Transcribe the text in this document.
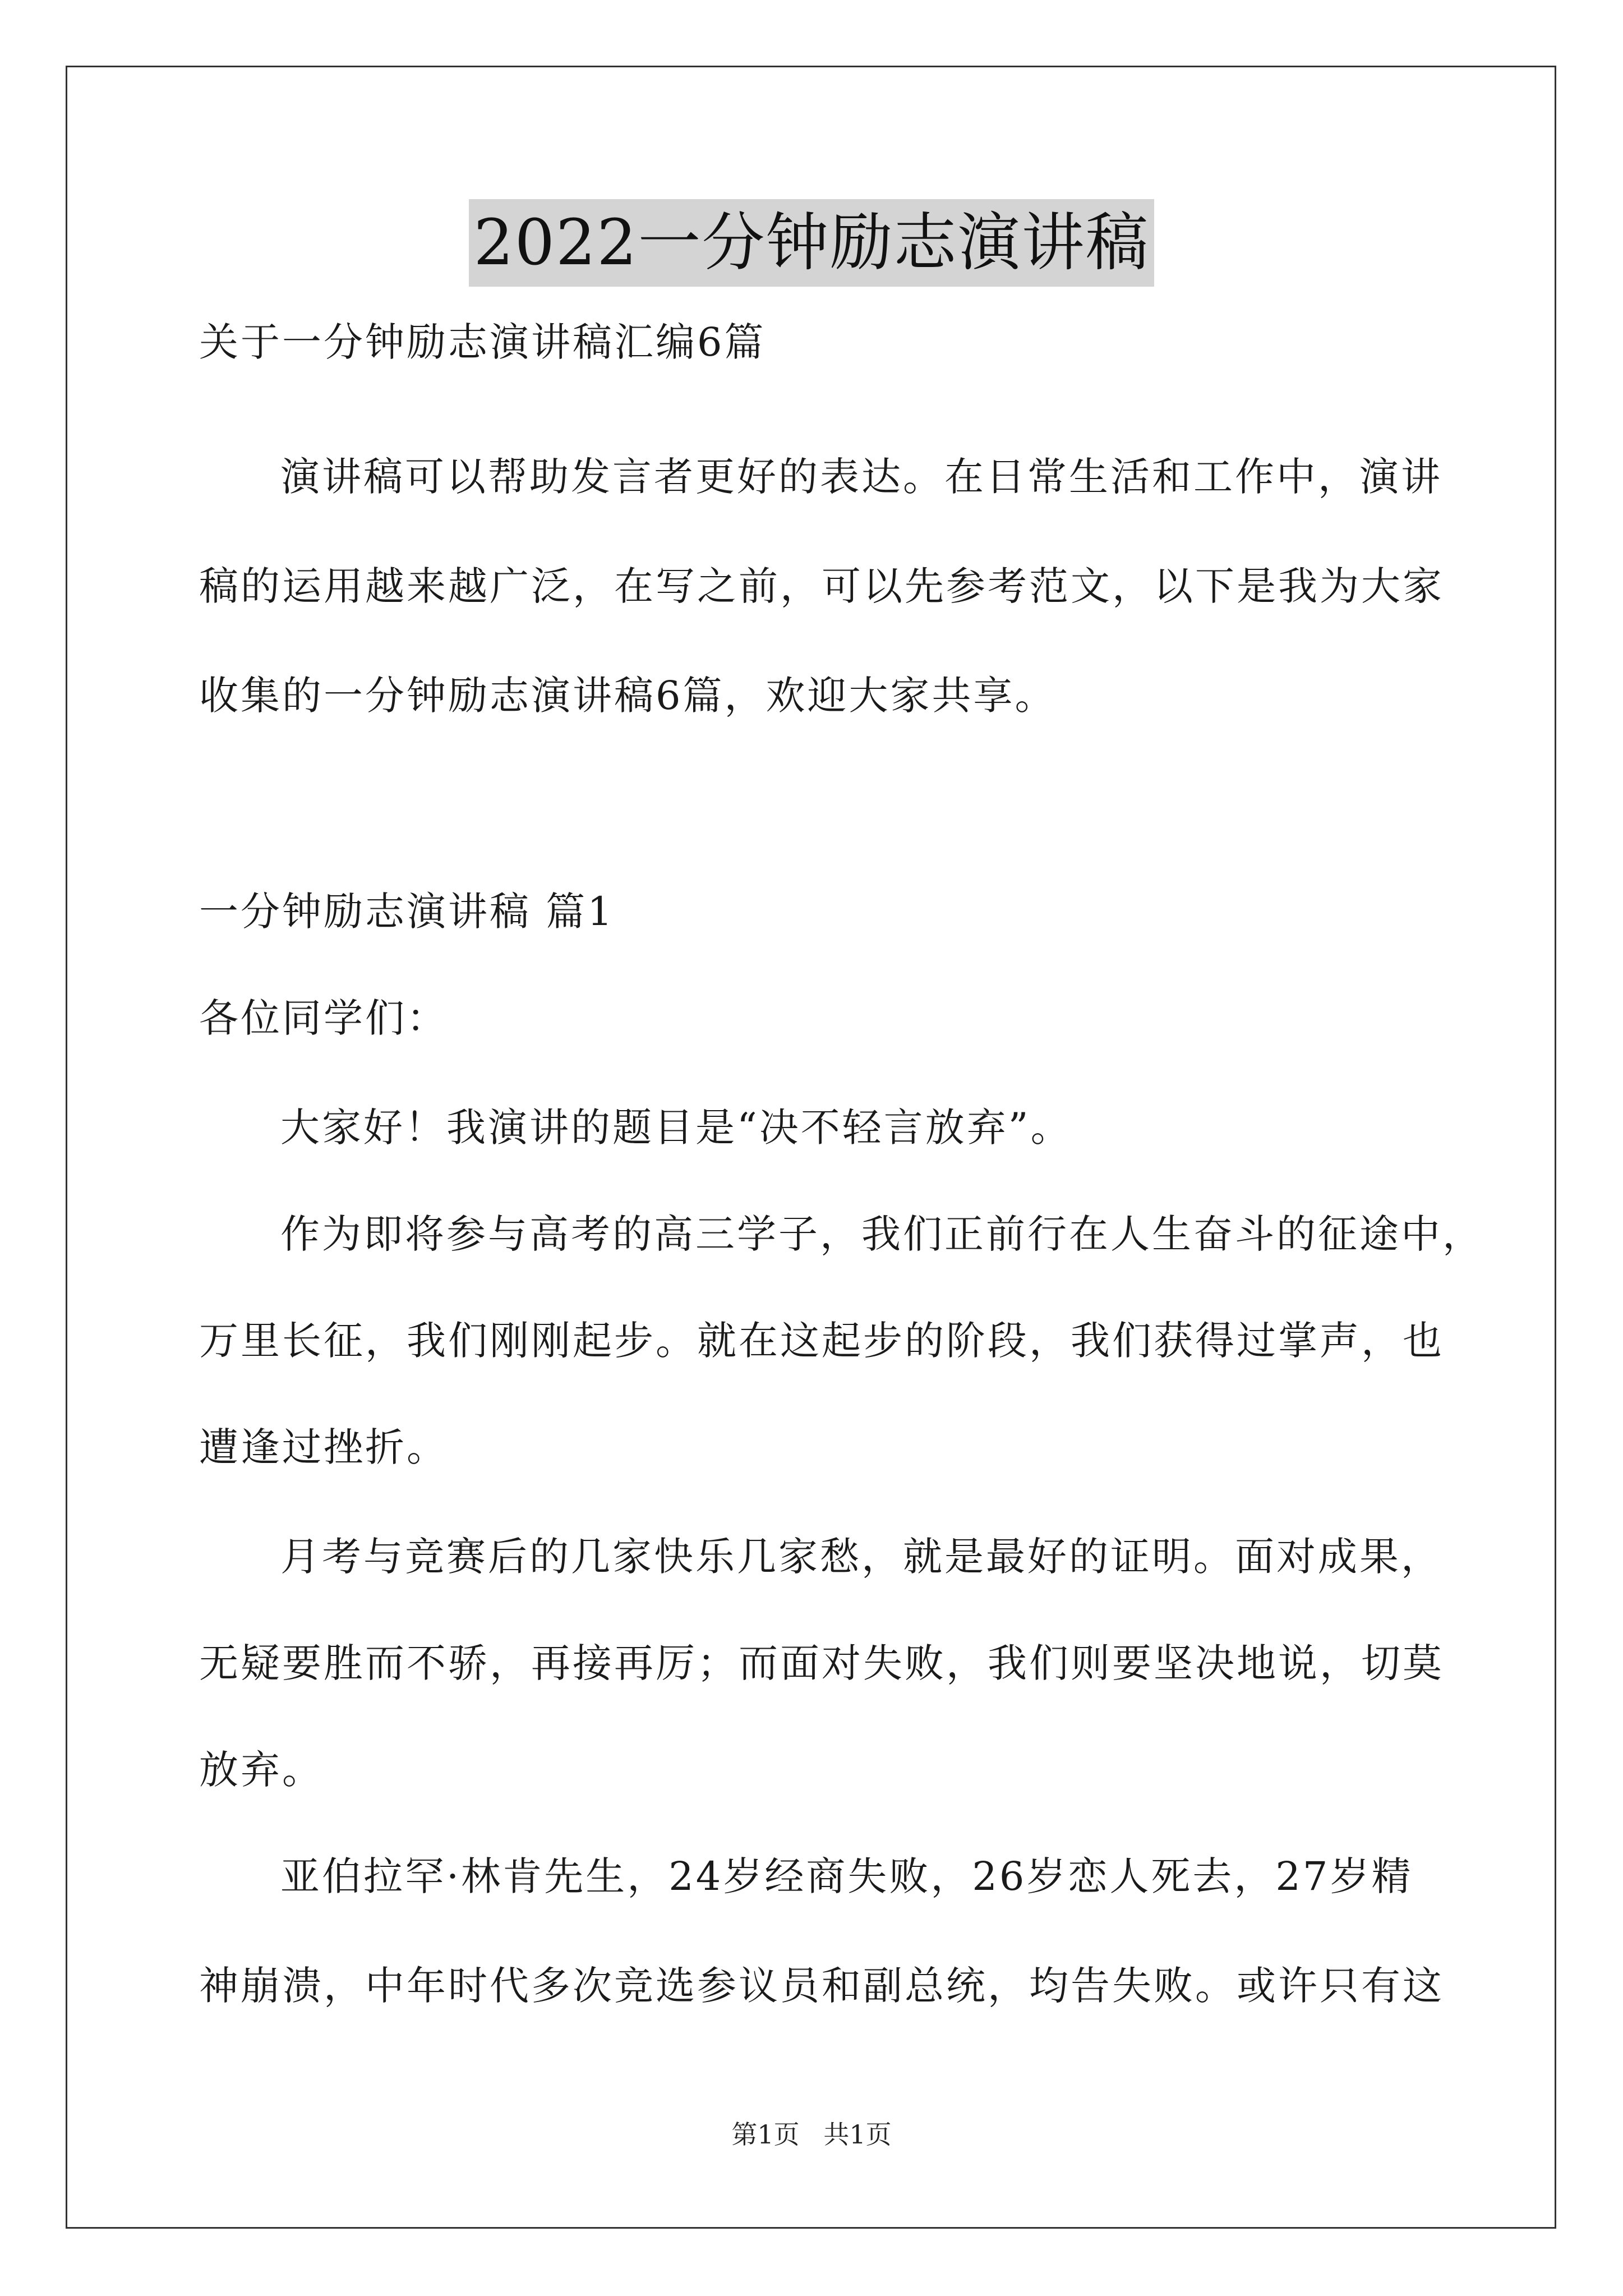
2022一分钟励志演讲稿
关于一分钟励志演讲稿汇编6篇
演讲稿可以帮助发言者更好的表达。在日常生活和工作中，演讲
稿的运用越来越广泛，在写之前，可以先参考范文，以下是我为大家
收集的一分钟励志演讲稿6篇，欢迎大家共享。
一分钟励志演讲稿 篇1
各位同学们：
大家好！我演讲的题目是“决不轻言放弃”。
作为即将参与高考的高三学子，我们正前行在人生奋斗的征途中，
万里长征，我们刚刚起步。就在这起步的阶段，我们获得过掌声，也
遭逢过挫折。
月考与竞赛后的几家快乐几家愁，就是最好的证明。面对成果，
无疑要胜而不骄，再接再厉；而面对失败，我们则要坚决地说，切莫
放弃。
亚伯拉罕·林肯先生，24岁经商失败，26岁恋人死去，27岁精
神崩溃，中年时代多次竞选参议员和副总统，均告失败。或许只有这
第1页 共1页
